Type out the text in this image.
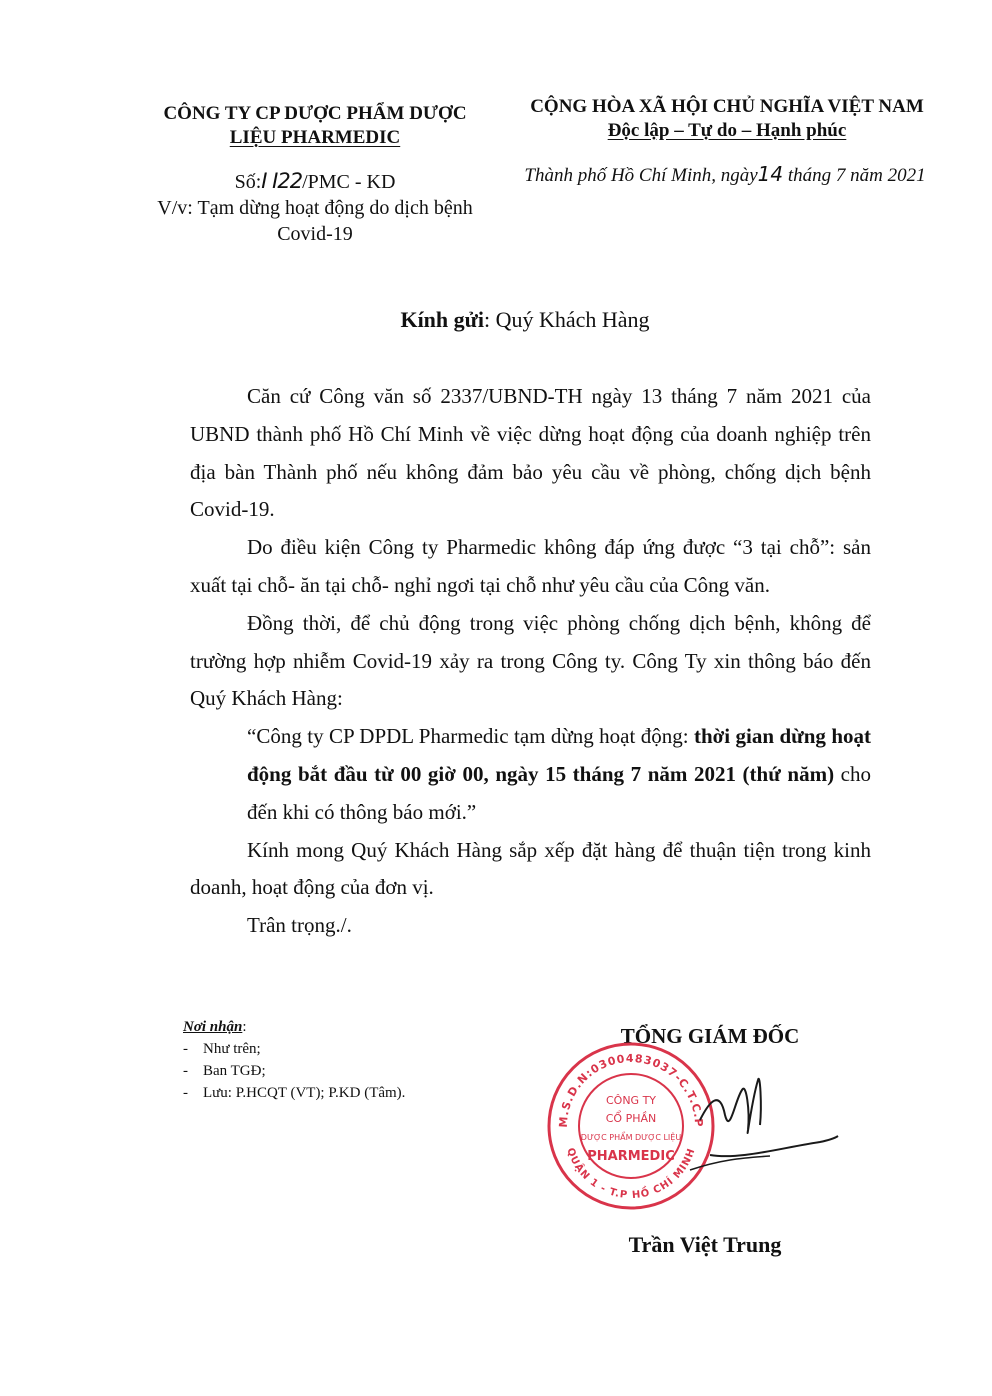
CÔNG TY CP DƯỢC PHẨM DƯỢC
LIỆU PHARMEDIC
CỘNG HÒA XÃ HỘI CHỦ NGHĨA VIỆT NAM
Độc lập – Tự do – Hạnh phúc
Số:I I22/PMC - KD
V/v: Tạm dừng hoạt động do dịch bệnh
Covid-19
Thành phố Hồ Chí Minh, ngày14 tháng 7 năm 2021
Kính gửi: Quý Khách Hàng

Căn cứ Công văn số 2337/UBND-TH ngày 13 tháng 7 năm 2021 của UBND thành phố Hồ Chí Minh về việc dừng hoạt động của doanh nghiệp trên địa bàn Thành phố nếu không đảm bảo yêu cầu về phòng, chống dịch bệnh Covid-19.

Do điều kiện Công ty Pharmedic không đáp ứng được “3 tại chỗ”: sản xuất tại chỗ- ăn tại chỗ- nghỉ ngơi tại chỗ như yêu cầu của Công văn.

Đồng thời, để chủ động trong việc phòng chống dịch bệnh, không để trường hợp nhiễm Covid-19 xảy ra trong Công ty. Công Ty xin thông báo đến Quý Khách Hàng:

“Công ty CP DPDL Pharmedic tạm dừng hoạt động: thời gian dừng hoạt động bắt đầu từ 00 giờ 00, ngày 15 tháng 7 năm 2021 (thứ năm) cho đến khi có thông báo mới.”

Kính mong Quý Khách Hàng sắp xếp đặt hàng để thuận tiện trong kinh doanh, hoạt động của đơn vị.

Trân trọng./.

Nơi nhận:
- Như trên;
- Ban TGĐ;
- Lưu: P.HCQT (VT); P.KD (Tâm).
TỔNG GIÁM ĐỐC
M.S.D.N:0300483037-C.T.C.P
QUẬN 1 - T.P HỒ CHÍ MINH
CÔNG TY
CỔ PHẦN
DƯỢC PHẨM DƯỢC LIỆU
PHARMEDIC
Trần Việt Trung
